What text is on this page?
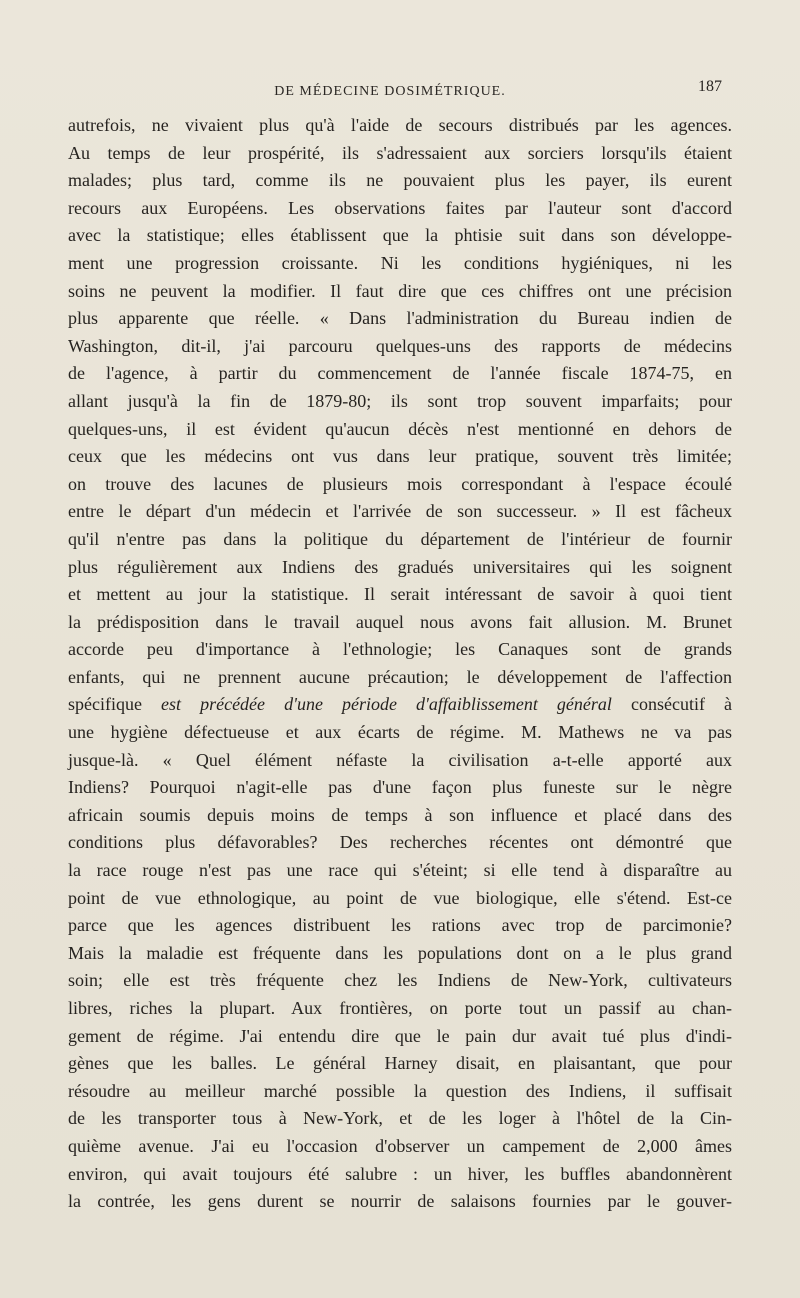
DE MÉDECINE DOSIMÉTRIQUE.	187
autrefois, ne vivaient plus qu'à l'aide de secours distribués par les agences.
Au temps de leur prospérité, ils s'adressaient aux sorciers lorsqu'ils étaient
malades; plus tard, comme ils ne pouvaient plus les payer, ils eurent
recours aux Européens. Les observations faites par l'auteur sont d'accord
avec la statistique; elles établissent que la phtisie suit dans son développe-
ment une progression croissante. Ni les conditions hygiéniques, ni les
soins ne peuvent la modifier. Il faut dire que ces chiffres ont une précision
plus apparente que réelle. « Dans l'administration du Bureau indien de
Washington, dit-il, j'ai parcouru quelques-uns des rapports de médecins
de l'agence, à partir du commencement de l'année fiscale 1874-75, en
allant jusqu'à la fin de 1879-80; ils sont trop souvent imparfaits; pour
quelques-uns, il est évident qu'aucun décès n'est mentionné en dehors de
ceux que les médecins ont vus dans leur pratique, souvent très limitée;
on trouve des lacunes de plusieurs mois correspondant à l'espace écoulé
entre le départ d'un médecin et l'arrivée de son successeur. » Il est fâcheux
qu'il n'entre pas dans la politique du département de l'intérieur de fournir
plus régulièrement aux Indiens des gradués universitaires qui les soignent
et mettent au jour la statistique. Il serait intéressant de savoir à quoi tient
la prédisposition dans le travail auquel nous avons fait allusion. M. Brunet
accorde peu d'importance à l'ethnologie; les Canaques sont de grands
enfants, qui ne prennent aucune précaution; le développement de l'affection
spécifique est précédée d'une période d'affaiblissement général consécutif à
une hygiène défectueuse et aux écarts de régime. M. Mathews ne va pas
jusque-là. « Quel élément néfaste la civilisation a-t-elle apporté aux
Indiens? Pourquoi n'agit-elle pas d'une façon plus funeste sur le nègre
africain soumis depuis moins de temps à son influence et placé dans des
conditions plus défavorables? Des recherches récentes ont démontré que
la race rouge n'est pas une race qui s'éteint; si elle tend à disparaître au
point de vue ethnologique, au point de vue biologique, elle s'étend. Est-ce
parce que les agences distribuent les rations avec trop de parcimonie?
Mais la maladie est fréquente dans les populations dont on a le plus grand
soin; elle est très fréquente chez les Indiens de New-York, cultivateurs
libres, riches la plupart. Aux frontières, on porte tout un passif au chan-
gement de régime. J'ai entendu dire que le pain dur avait tué plus d'indi-
gènes que les balles. Le général Harney disait, en plaisantant, que pour
résoudre au meilleur marché possible la question des Indiens, il suffisait
de les transporter tous à New-York, et de les loger à l'hôtel de la Cin-
quième avenue. J'ai eu l'occasion d'observer un campement de 2,000 âmes
environ, qui avait toujours été salubre : un hiver, les buffles abandonnèrent
la contrée, les gens durent se nourrir de salaisons fournies par le gouver-
